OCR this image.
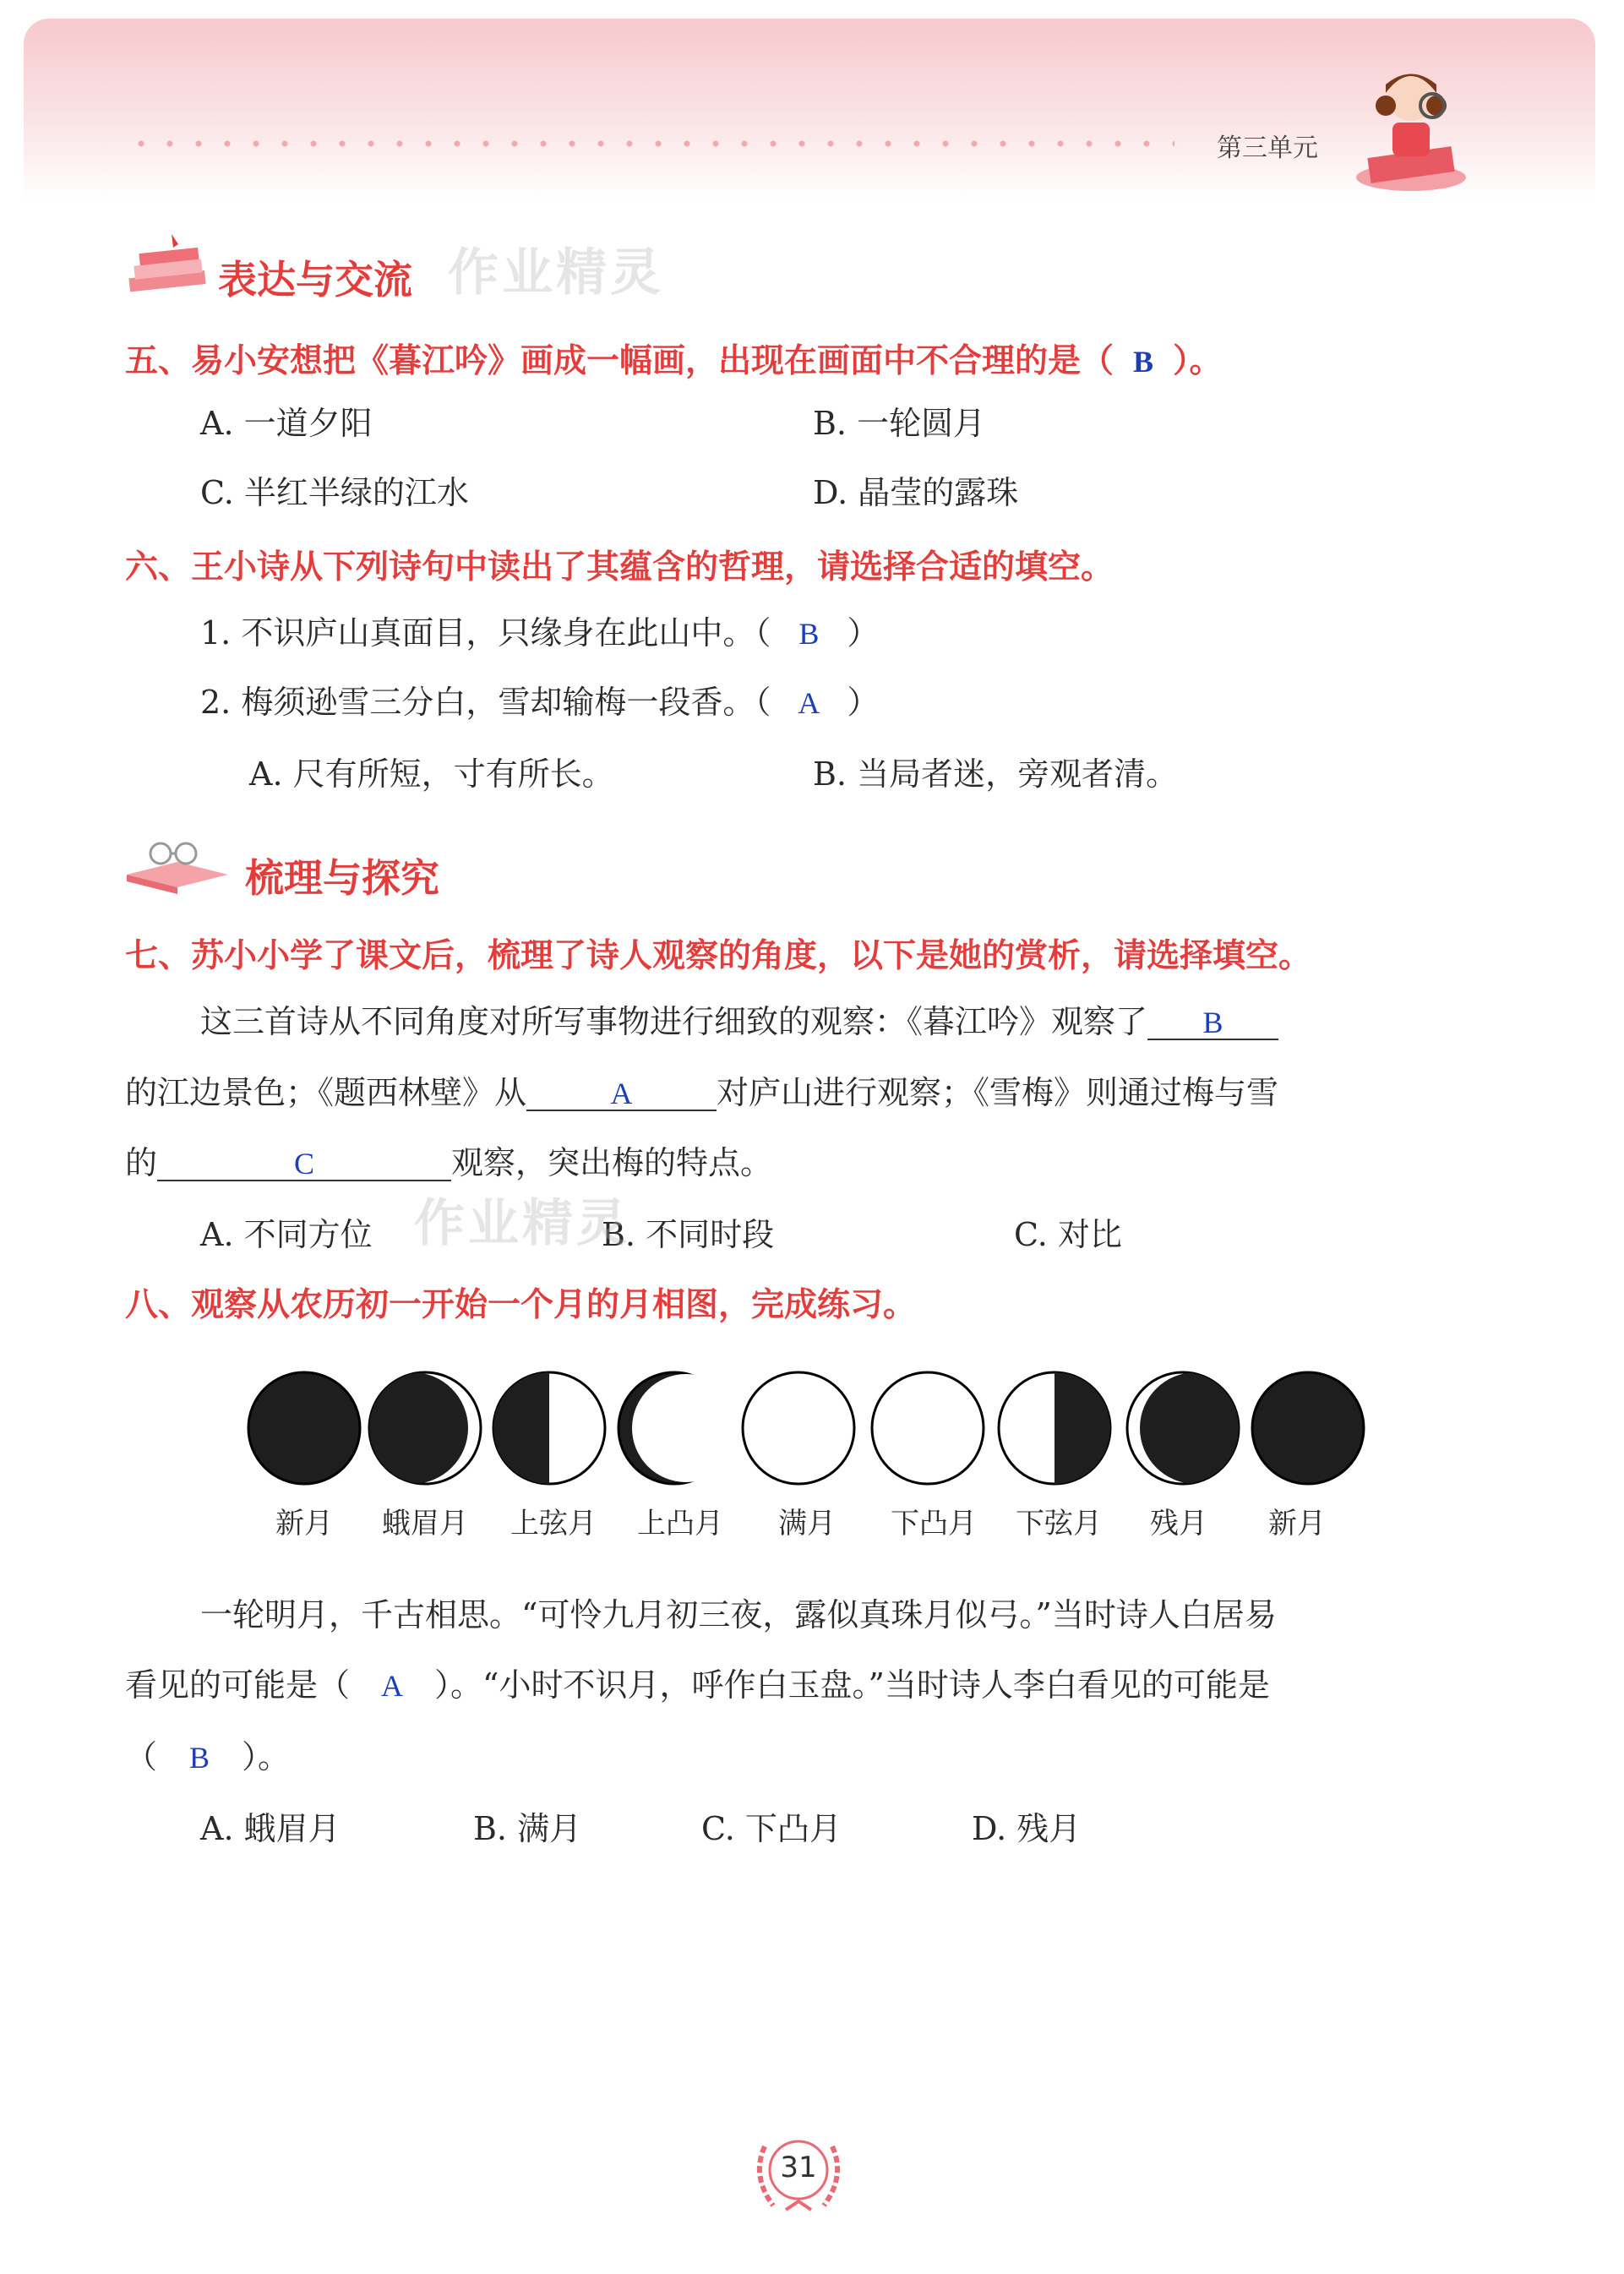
第三单元
表达与交流 作业精灵
五、易小安想把《暮江吟》画成一幅画，出现在画面中不合理的是（ B ）。
A. 一道夕阳	B. 一轮圆月
C. 半红半绿的江水	D. 晶莹的露珠
六、王小诗从下列诗句中读出了其蕴含的哲理，请选择合适的填空。
1. 不识庐山真面目，只缘身在此山中。（ B ）
2. 梅须逊雪三分白，雪却输梅一段香。（ A ）
A. 尺有所短，寸有所长。	B. 当局者迷，旁观者清。
梳理与探究
七、苏小小学了课文后，梳理了诗人观察的角度，以下是她的赏析，请选择填空。
这三首诗从不同角度对所写事物进行细致的观察：《暮江吟》观察了 B
的江边景色；《题西林壁》从	A	对庐山进行观察；《雪梅》则通过梅与雪
的	C	观察，突出梅的特点。
A. 不同方位	B. 不同时段	C. 对比
作业精灵
八、观察从农历初一开始一个月的月相图，完成练习。
新月	蛾眉月	上弦月	上凸月	满月	下凸月	下弦月	残月	新月
一轮明月，千古相思。“可怜九月初三夜，露似真珠月似弓。”当时诗人白居易
看见的可能是（ A ）。“小时不识月，呼作白玉盘。”当时诗人李白看见的可能是
（ B ）。
A. 蛾眉月	B. 满月	C. 下凸月	D. 残月
31
